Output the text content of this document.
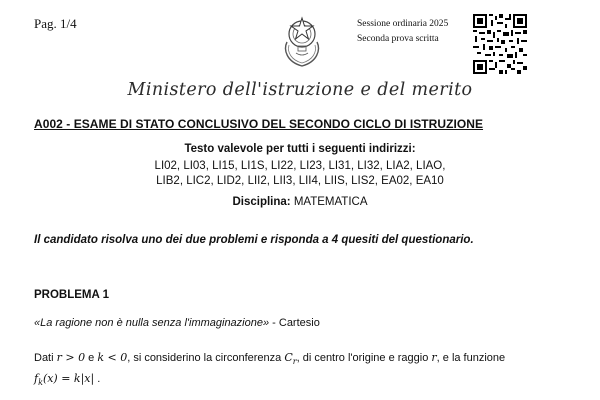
Pag. 1/4	Sessione ordinaria 2025
Seconda prova scritta
Ministero dell'istruzione e del merito
A002 - ESAME DI STATO CONCLUSIVO DEL SECONDO CICLO DI ISTRUZIONE
Testo valevole per tutti i seguenti indirizzi:
LI02, LI03, LI15, LI1S, LI22, LI23, LI31, LI32, LIA2, LIAO,
LIB2, LIC2, LID2, LII2, LII3, LII4, LIIS, LIS2, EA02, EA10
Disciplina: MATEMATICA
Il candidato risolva uno dei due problemi e risponda a 4 quesiti del questionario.
PROBLEMA 1
«La ragione non è nulla senza l'immaginazione» - Cartesio
Dati r > 0 e k < 0, si considerino la circonferenza $C_r$, di centro l'origine e raggio r, e la funzione
$f_k(x) = k|x|$ .
